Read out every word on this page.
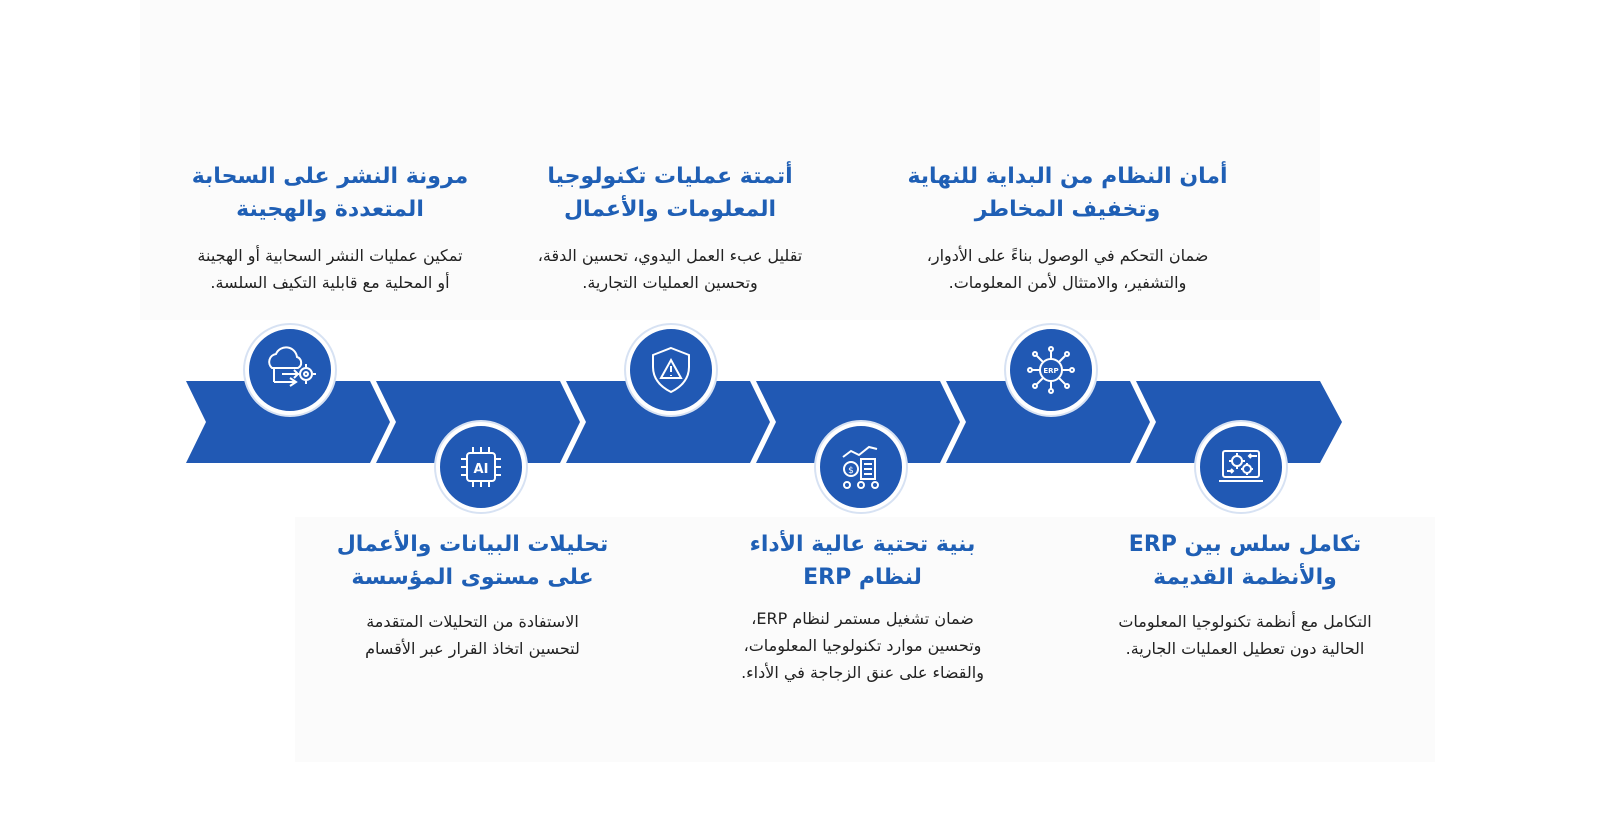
مرونة النشر على السحابة
المتعددة والهجينة
تمكين عمليات النشر السحابية أو الهجينة
أو المحلية مع قابلية التكيف السلسة.
أتمتة عمليات تكنولوجيا
المعلومات والأعمال
تقليل عبء العمل اليدوي، تحسين الدقة،
وتحسين العمليات التجارية.
أمان النظام من البداية للنهاية
وتخفيف المخاطر
ضمان التحكم في الوصول بناءً على الأدوار،
والتشفير، والامتثال لأمن المعلومات.
تحليلات البيانات والأعمال
على مستوى المؤسسة
الاستفادة من التحليلات المتقدمة
لتحسين اتخاذ القرار عبر الأقسام
بنية تحتية عالية الأداء
لنظام ERP
ضمان تشغيل مستمر لنظام ERP،
وتحسين موارد تكنولوجيا المعلومات،
والقضاء على عنق الزجاجة في الأداء.
تكامل سلس بين ERP
والأنظمة القديمة
التكامل مع أنظمة تكنولوجيا المعلومات
الحالية دون تعطيل العمليات الجارية.
ERP
AI	$
